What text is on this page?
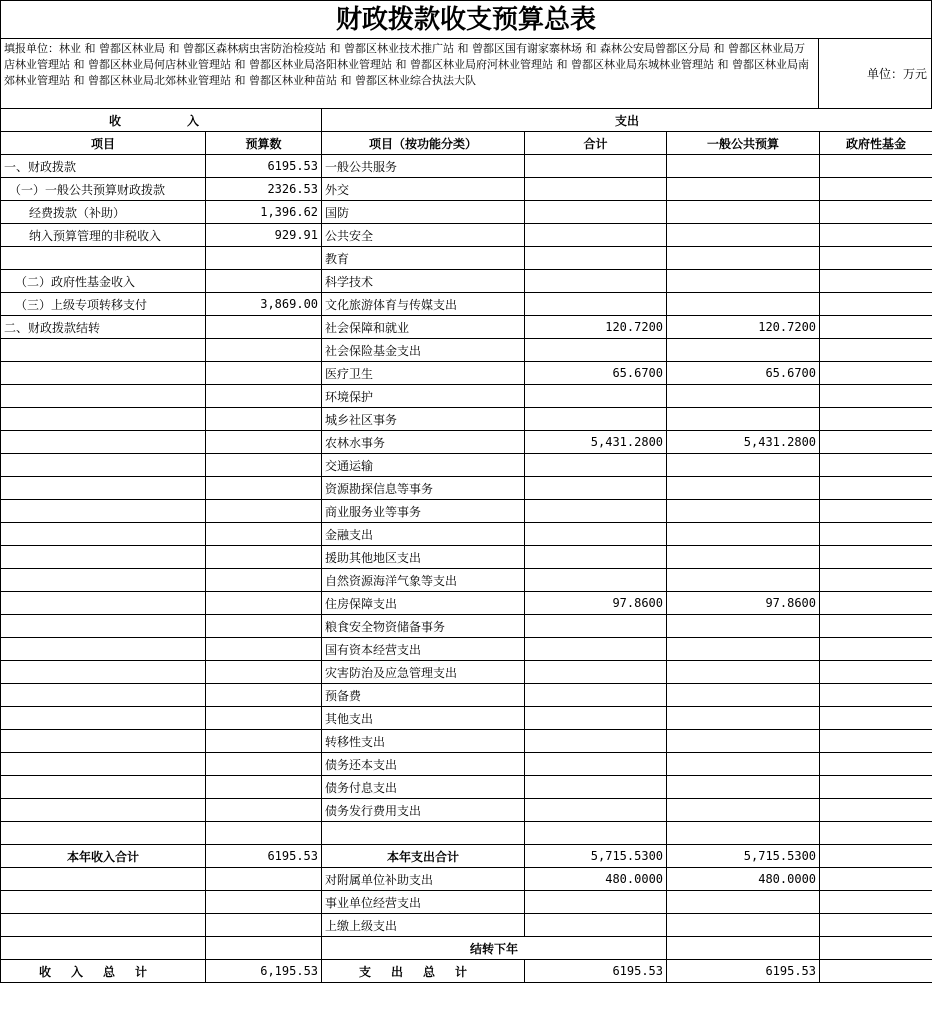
财政拨款收支预算总表
填报单位：林业 和 曾都区林业局 和 曾都区森林病虫害防治检疫站 和 曾都区林业技术推广站 和 曾都区国有谢家寨林场 和 森林公安局曾都区分局 和 曾都区林业局万店林业管理站 和 曾都区林业局何店林业管理站 和 曾都区林业局洛阳林业管理站 和 曾都区林业局府河林业管理站 和 曾都区林业局东城林业管理站 和 曾都区林业局南郊林业管理站 和 曾都区林业局北郊林业管理站 和 曾都区林业种苗站 和 曾都区林业综合执法大队	单位：万元
收　　入		支出			
项目	预算数	项目（按功能分类）	合计	一般公共预算	政府性基金
一、财政拨款	6195.53	一般公共服务			
（一）一般公共预算财政拨款	2326.53	外交			
经费拨款（补助）	1,396.62	国防			
纳入预算管理的非税收入	929.91	公共安全			
		教育			
（二）政府性基金收入		科学技术			
（三）上级专项转移支付	3,869.00	文化旅游体育与传媒支出			
二、财政拨款结转		社会保障和就业	120.7200	120.7200	
		社会保险基金支出			
		医疗卫生	65.6700	65.6700	
		环境保护			
		城乡社区事务			
		农林水事务	5,431.2800	5,431.2800	
		交通运输			
		资源勘探信息等事务			
		商业服务业等事务			
		金融支出			
		援助其他地区支出			
		自然资源海洋气象等支出			
		住房保障支出	97.8600	97.8600	
		粮食安全物资储备事务			
		国有资本经营支出			
		灾害防治及应急管理支出			
		预备费			
		其他支出			
		转移性支出			
		债务还本支出			
		债务付息支出			
		债务发行费用支出			

本年收入合计	6195.53	本年支出合计	5,715.5300	5,715.5300	
		对附属单位补助支出	480.0000	480.0000	
		事业单位经营支出			
		上缴上级支出			
		结转下年			
收入总计	6,195.53	支出总计	6195.53	6195.53	
